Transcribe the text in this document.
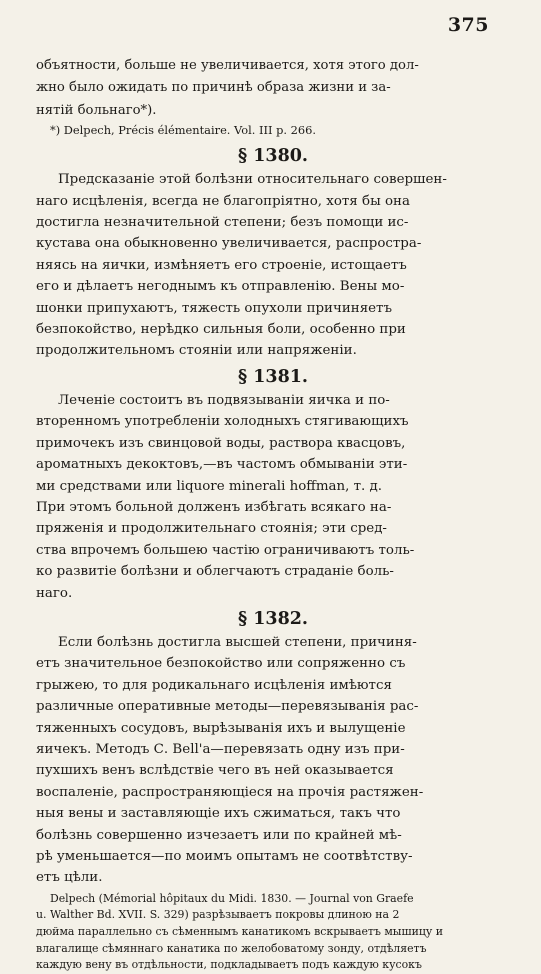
375
объятности, больше не увеличивается, хотя этого дол-
жно было ожидать по причинѣ образа жизни и за-
нятій больнаго*).
*) Delpech, Précis élémentaire. Vol. III p. 266.
§ 1380.
Предсказаніе этой болѣзни относительнаго совершен-
наго исцѣленія, всегда не благопріятно, хотя бы она
достигла незначительной степени; безъ помощи ис-
кустава она обыкновенно увеличивается, распростра-
няясь на яички, измѣняетъ его строеніе, истощаетъ
его и дѣлаетъ негоднымъ къ отправленію. Вены мо-
шонки припухаютъ, тяжесть опухоли причиняетъ
безпокойство, нерѣдко сильныя боли, особенно при
продолжительномъ стояніи или напряженіи.
§ 1381.
Леченіе состоитъ въ подвязываніи яичка и по-
вторенномъ употребленіи холодныхъ стягивающихъ
примочекъ изъ свинцовой воды, раствора квасцовъ,
ароматныхъ декоктовъ,—въ частомъ обмываніи эти-
ми средствами или liquore minerali hoffman, т. д.
При этомъ больной долженъ избѣгать всякаго на-
пряженія и продолжительнаго стоянія; эти сред-
ства впрочемъ большею частію ограничиваютъ толь-
ко развитіе болѣзни и облегчаютъ страданіе боль-
наго.
§ 1382.
Если болѣзнь достигла высшей степени, причиня-
етъ значительное безпокойство или сопряженно съ
грыжею, то для родикальнаго исцѣленія имѣются
различные оперативные методы—перевязыванія рас-
тяженныхъ сосудовъ, вырѣзыванія ихъ и вылущеніе
яичекъ. Методъ С. Bell'а—перевязать одну изъ при-
пухшихъ венъ вслѣдствіе чего въ ней оказывается
воспаленіе, распространяющіеся на прочія растяжен-
ныя вены и заставляющіе ихъ сжиматься, такъ что
болѣзнь совершенно изчезаетъ или по крайней мѣ-
рѣ уменьшается—по моимъ опытамъ не соотвѣтству-
етъ цѣли.
Delpech (Mémorial hôpitaux du Midi. 1830. — Journal von Graefe
u. Walther Bd. XVII. S. 329) разрѣзываетъ покровы длиною на 2
дюйма параллельно съ сѣменнымъ канатикомъ вскрываетъ мышицу и
влагалище сѣмяннаго канатика по желобоватому зонду, отдѣляетъ
каждую вену въ отдѣльности, подкладываетъ подъ каждую кусокъ
